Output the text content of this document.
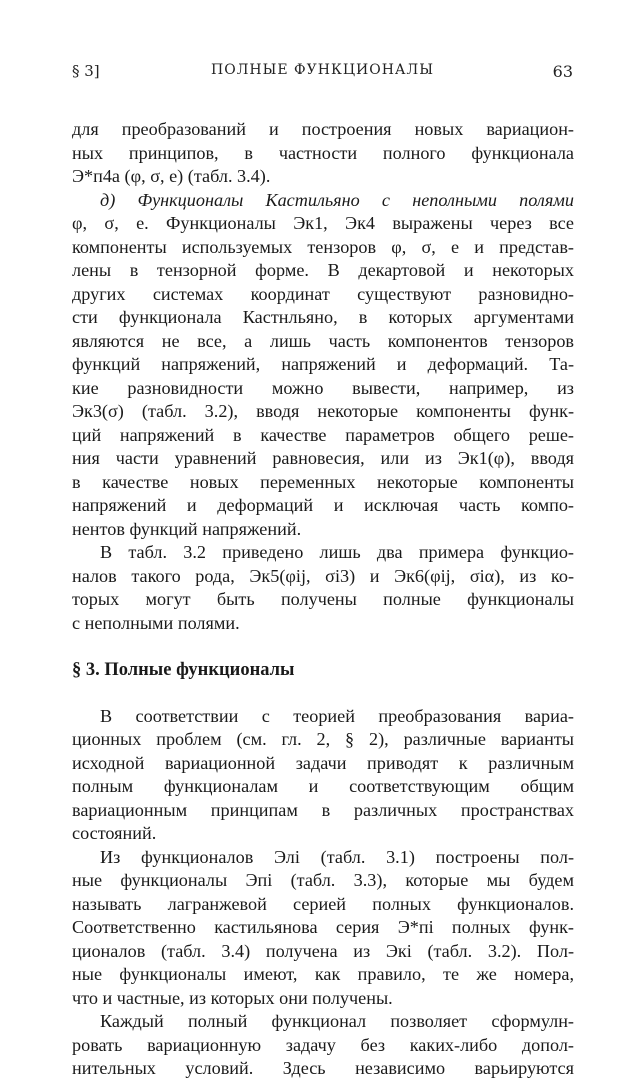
§ 3]	ПОЛНЫЕ ФУНКЦИОНАЛЫ	63
для преобразований и построения новых вариацион-
ных принципов, в частности полного функционала
Э*п4а (φ, σ, e) (табл. 3.4).
д) Функционалы Кастильяно с неполными полями
φ, σ, e. Функционалы Эк1, Эк4 выражены через все
компоненты используемых тензоров φ, σ, e и представ-
лены в тензорной форме. В декартовой и некоторых
других системах координат существуют разновидно-
сти функционала Кастнльяно, в которых аргументами
являются не все, а лишь часть компонентов тензоров
функций напряжений, напряжений и деформаций. Та-
кие разновидности можно вывести, например, из
Эк3(σ) (табл. 3.2), вводя некоторые компоненты функ-
ций напряжений в качестве параметров общего реше-
ния части уравнений равновесия, или из Эк1(φ), вводя
в качестве новых переменных некоторые компоненты
напряжений и деформаций и исключая часть компо-
нентов функций напряжений.
В табл. 3.2 приведено лишь два примера функцио-
налов такого рода, Эк5(φij, σi3) и Эк6(φij, σiα), из ко-
торых могут быть получены полные функционалы
с неполными полями.
§ 3. Полные функционалы
В соответствии с теорией преобразования вариа-
ционных проблем (см. гл. 2, § 2), различные варианты
исходной вариационной задачи приводят к различным
полным функционалам и соответствующим общим
вариационным принципам в различных пространствах
состояний.
Из функционалов Элi (табл. 3.1) построены пол-
ные функционалы Эпi (табл. 3.3), которые мы будем
называть лагранжевой серией полных функционалов.
Соответственно кастильянова серия Э*пi полных функ-
ционалов (табл. 3.4) получена из Экi (табл. 3.2). Пол-
ные функционалы имеют, как правило, те же номера,
что и частные, из которых они получены.
Каждый полный функционал позволяет сформулн-
ровать вариационную задачу без каких-либо допол-
нительных условий. Здесь независимо варьируются
